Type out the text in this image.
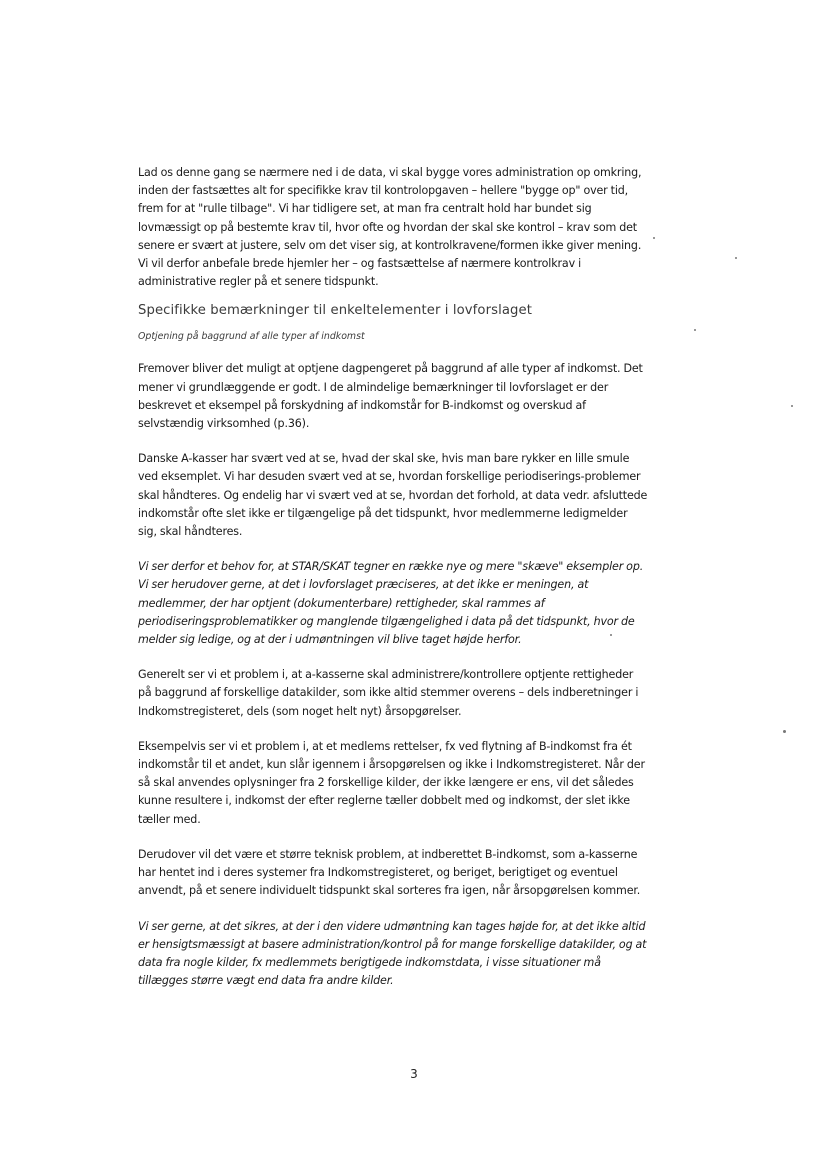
Lad os denne gang se nærmere ned i de data, vi skal bygge vores administration op omkring, inden der fastsættes alt for specifikke krav til kontrolopgaven – hellere "bygge op" over tid, frem for at "rulle tilbage". Vi har tidligere set, at man fra centralt hold har bundet sig lovmæssigt op på bestemte krav til, hvor ofte og hvordan der skal ske kontrol – krav som det senere er svært at justere, selv om det viser sig, at kontrolkravene/formen ikke giver mening. Vi vil derfor anbefale brede hjemler her – og fastsættelse af nærmere kontrolkrav i administrative regler på et senere tidspunkt.

Specifikke bemærkninger til enkeltelementer i lovforslaget
Optjening på baggrund af alle typer af indkomst

Fremover bliver det muligt at optjene dagpengeret på baggrund af alle typer af indkomst. Det mener vi grundlæggende er godt. I de almindelige bemærkninger til lovforslaget er der beskrevet et eksempel på forskydning af indkomstår for B-indkomst og overskud af selvstændig virksomhed (p.36).

Danske A-kasser har svært ved at se, hvad der skal ske, hvis man bare rykker en lille smule ved eksemplet. Vi har desuden svært ved at se, hvordan forskellige periodiserings-problemer skal håndteres. Og endelig har vi svært ved at se, hvordan det forhold, at data vedr. afsluttede indkomstår ofte slet ikke er tilgængelige på det tidspunkt, hvor medlemmerne ledigmelder sig, skal håndteres.

Vi ser derfor et behov for, at STAR/SKAT tegner en række nye og mere "skæve" eksempler op. Vi ser herudover gerne, at det i lovforslaget præciseres, at det ikke er meningen, at medlemmer, der har optjent (dokumenterbare) rettigheder, skal rammes af periodiseringsproblematikker og manglende tilgængelighed i data på det tidspunkt, hvor de melder sig ledige, og at der i udmøntningen vil blive taget højde herfor.

Generelt ser vi et problem i, at a-kasserne skal administrere/kontrollere optjente rettigheder på baggrund af forskellige datakilder, som ikke altid stemmer overens – dels indberetninger i Indkomstregisteret, dels (som noget helt nyt) årsopgørelser.

Eksempelvis ser vi et problem i, at et medlems rettelser, fx ved flytning af B-indkomst fra ét indkomstår til et andet, kun slår igennem i årsopgørelsen og ikke i Indkomstregisteret. Når der så skal anvendes oplysninger fra 2 forskellige kilder, der ikke længere er ens, vil det således kunne resultere i, indkomst der efter reglerne tæller dobbelt med og indkomst, der slet ikke tæller med.

Derudover vil det være et større teknisk problem, at indberettet B-indkomst, som a-kasserne har hentet ind i deres systemer fra Indkomstregisteret, og beriget, berigtiget og eventuel anvendt, på et senere individuelt tidspunkt skal sorteres fra igen, når årsopgørelsen kommer.

Vi ser gerne, at det sikres, at der i den videre udmøntning kan tages højde for, at det ikke altid er hensigtsmæssigt at basere administration/kontrol på for mange forskellige datakilder, og at data fra nogle kilder, fx medlemmets berigtigede indkomstdata, i visse situationer må tillægges større vægt end data fra andre kilder.

3
